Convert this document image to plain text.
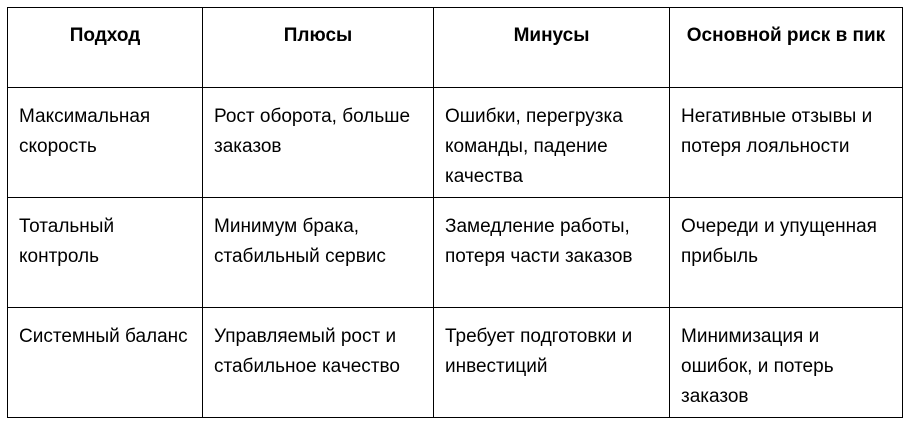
Подход	Плюсы	Минусы	Основной риск в пик
Максимальная скорость	Рост оборота, больше заказов	Ошибки, перегрузка команды, падение качества	Негативные отзывы и потеря лояльности
Тотальный контроль	Минимум брака, стабильный сервис	Замедление работы, потеря части заказов	Очереди и упущенная прибыль
Системный баланс	Управляемый рост и стабильное качество	Требует подготовки и инвестиций	Минимизация и ошибок, и потерь заказов
